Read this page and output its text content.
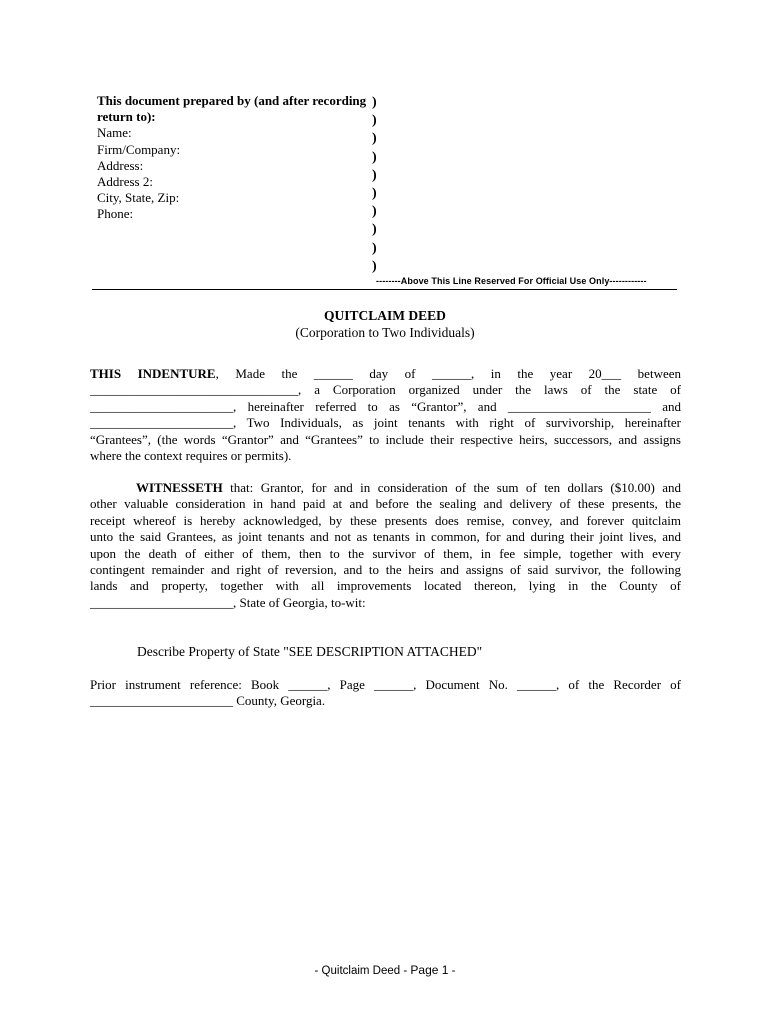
This document prepared by (and after recording
return to):
Name:
Firm/Company:
Address:
Address 2:
City, State, Zip:
Phone:
)
)
)
)
)
)
)
)
)
)
--------Above This Line Reserved For Official Use Only------------
QUITCLAIM DEED
(Corporation to Two Individuals)
THIS INDENTURE, Made the ______ day of ______, in the year 20___ between
________________________________, a Corporation organized under the laws of the state of
______________________, hereinafter referred to as “Grantor”, and ______________________ and
______________________, Two Individuals, as joint tenants with right of survivorship, hereinafter
“Grantees”, (the words “Grantor” and “Grantees” to include their respective heirs, successors, and assigns
where the context requires or permits).
WITNESSETH that: Grantor, for and in consideration of the sum of ten dollars ($10.00) and
other valuable consideration in hand paid at and before the sealing and delivery of these presents, the
receipt whereof is hereby acknowledged, by these presents does remise, convey, and forever quitclaim
unto the said Grantees, as joint tenants and not as tenants in common, for and during their joint lives, and
upon the death of either of them, then to the survivor of them, in fee simple, together with every
contingent remainder and right of reversion, and to the heirs and assigns of said survivor, the following
lands and property, together with all improvements located thereon, lying in the County of
______________________, State of Georgia, to-wit:
Describe Property of State "SEE DESCRIPTION ATTACHED"
Prior instrument reference: Book ______, Page ______, Document No. ______, of the Recorder of
______________________ County, Georgia.
- Quitclaim Deed - Page 1 -
